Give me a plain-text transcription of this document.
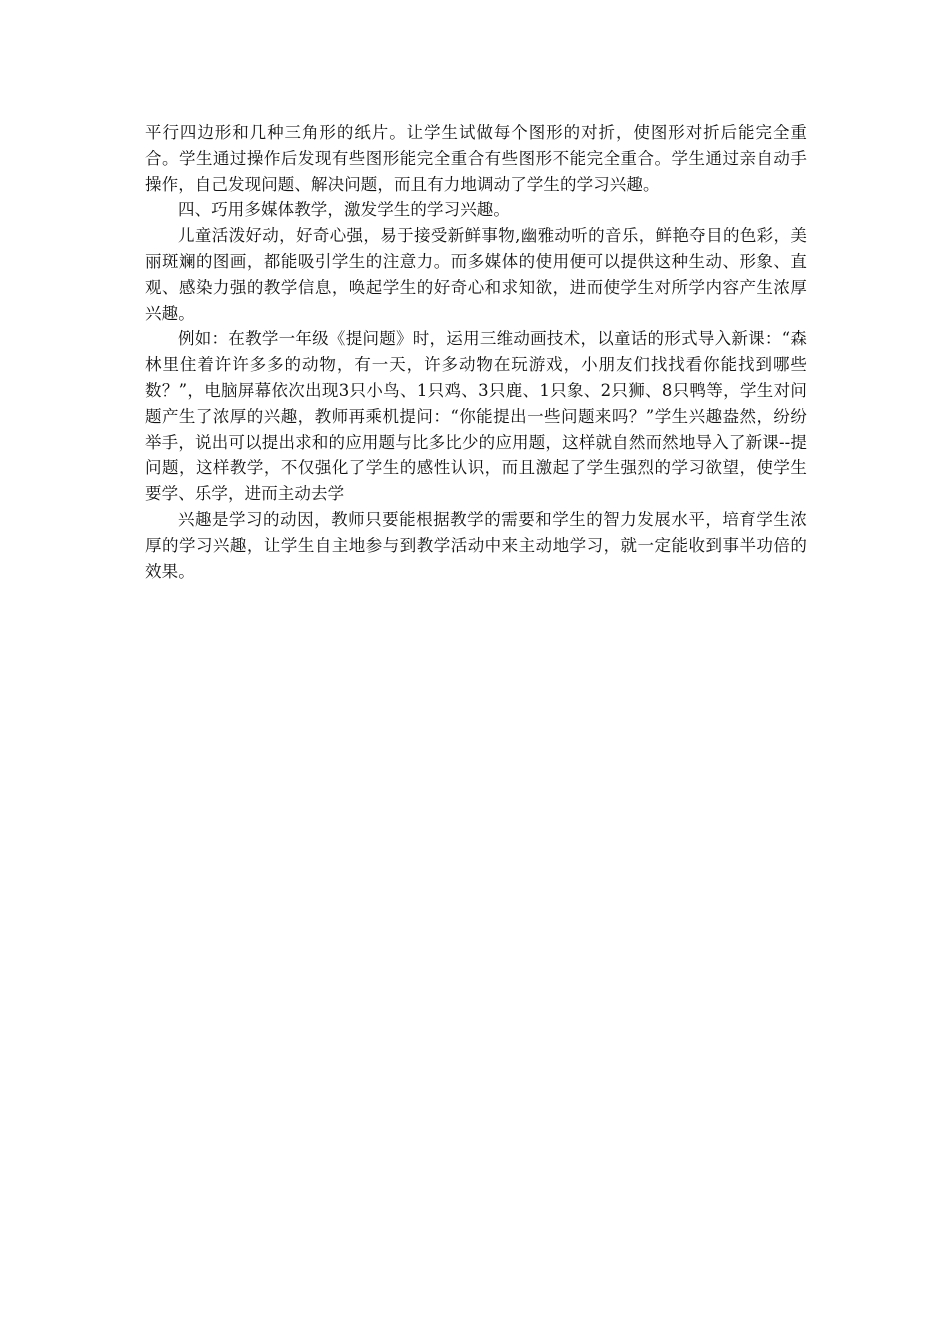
平行四边形和几种三角形的纸片。让学生试做每个图形的对折，使图形对折后能完全重合。学生通过操作后发现有些图形能完全重合有些图形不能完全重合。学生通过亲自动手操作，自己发现问题、解决问题，而且有力地调动了学生的学习兴趣。

四、巧用多媒体教学，激发学生的学习兴趣。

儿童活泼好动，好奇心强，易于接受新鲜事物,幽雅动听的音乐，鲜艳夺目的色彩，美丽斑斓的图画，都能吸引学生的注意力。而多媒体的使用便可以提供这种生动、形象、直观、感染力强的教学信息，唤起学生的好奇心和求知欲，进而使学生对所学内容产生浓厚兴趣。

例如：在教学一年级《提问题》时，运用三维动画技术，以童话的形式导入新课：“森林里住着许许多多的动物，有一天，许多动物在玩游戏，小朋友们找找看你能找到哪些数？”，电脑屏幕依次出现3只小鸟、1只鸡、3只鹿、1只象、2只狮、8只鸭等，学生对问题产生了浓厚的兴趣，教师再乘机提问：“你能提出一些问题来吗？”学生兴趣盎然，纷纷举手，说出可以提出求和的应用题与比多比少的应用题，这样就自然而然地导入了新课--提问题，这样教学，不仅强化了学生的感性认识，而且激起了学生强烈的学习欲望，使学生要学、乐学，进而主动去学

兴趣是学习的动因，教师只要能根据教学的需要和学生的智力发展水平，培育学生浓厚的学习兴趣，让学生自主地参与到教学活动中来主动地学习，就一定能收到事半功倍的效果。
